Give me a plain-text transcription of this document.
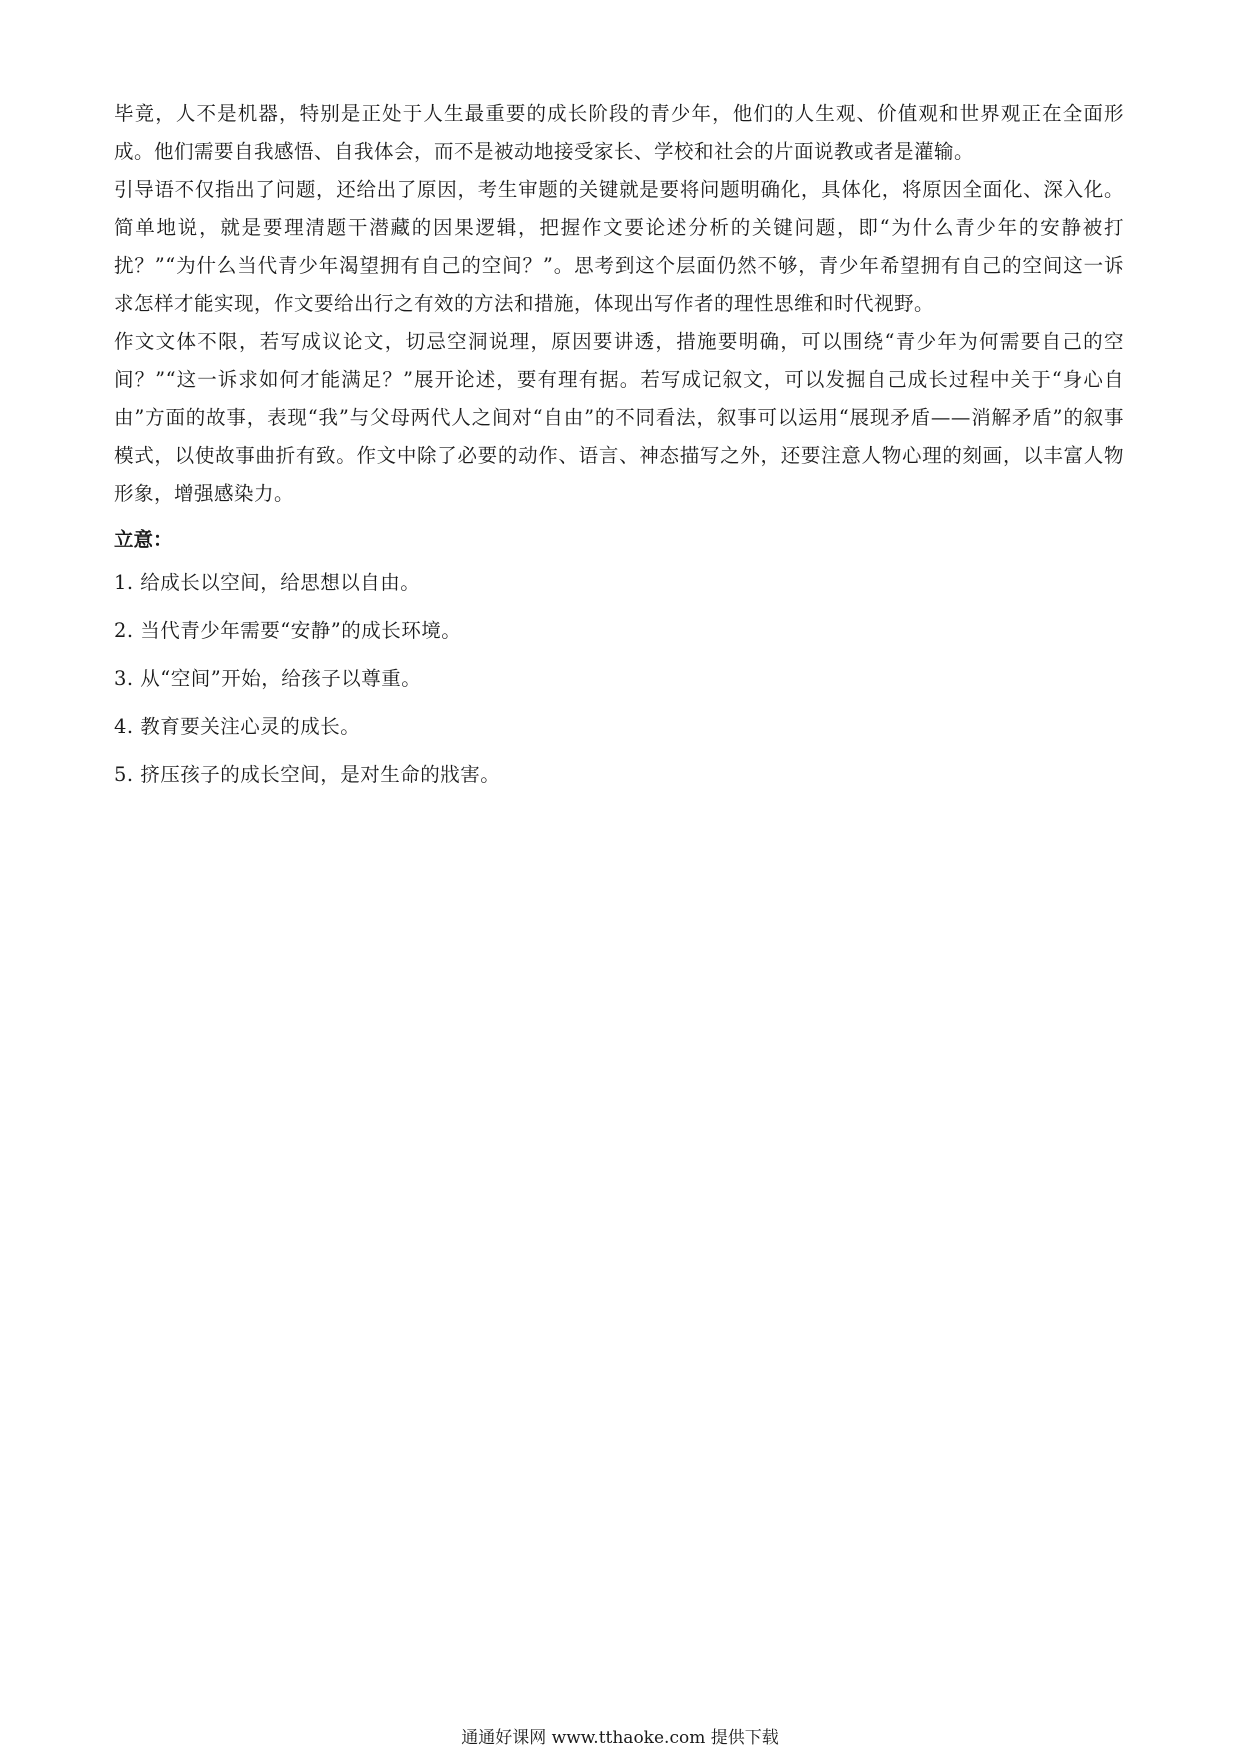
毕竟，人不是机器，特别是正处于人生最重要的成长阶段的青少年，他们的人生观、价值观和世界观正在全面形成。他们需要自我感悟、自我体会，而不是被动地接受家长、学校和社会的片面说教或者是灌输。

引导语不仅指出了问题，还给出了原因，考生审题的关键就是要将问题明确化，具体化，将原因全面化、深入化。简单地说，就是要理清题干潜藏的因果逻辑，把握作文要论述分析的关键问题，即“为什么青少年的安静被打扰？”“为什么当代青少年渴望拥有自己的空间？”。思考到这个层面仍然不够，青少年希望拥有自己的空间这一诉求怎样才能实现，作文要给出行之有效的方法和措施，体现出写作者的理性思维和时代视野。

作文文体不限，若写成议论文，切忌空洞说理，原因要讲透，措施要明确，可以围绕“青少年为何需要自己的空间？”“这一诉求如何才能满足？”展开论述，要有理有据。若写成记叙文，可以发掘自己成长过程中关于“身心自由”方面的故事，表现“我”与父母两代人之间对“自由”的不同看法，叙事可以运用“展现矛盾——消解矛盾”的叙事模式，以使故事曲折有致。作文中除了必要的动作、语言、神态描写之外，还要注意人物心理的刻画，以丰富人物形象，增强感染力。

立意：

1. 给成长以空间，给思想以自由。
2. 当代青少年需要“安静”的成长环境。
3. 从“空间”开始，给孩子以尊重。
4. 教育要关注心灵的成长。
5. 挤压孩子的成长空间，是对生命的戕害。
通通好课网 www.tthaoke.com 提供下载
